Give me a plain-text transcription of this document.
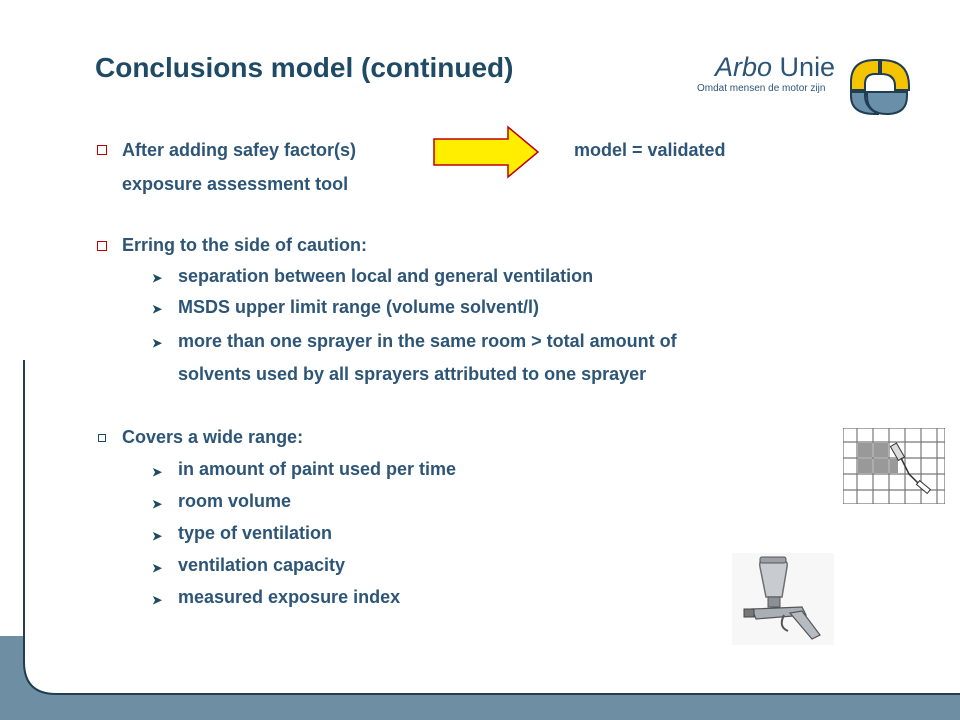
Conclusions model (continued)	Arbo Unie
Omdat mensen de motor zijn
After adding safey factor(s)	model = validated
exposure assessment tool
Erring to the side of caution:
➤ separation between local and general ventilation
➤ MSDS upper limit range (volume solvent/l)
➤ more than one sprayer in the same room > total amount of
solvents used by all sprayers attributed to one sprayer
Covers a wide range:
➤ in amount of paint used per time
➤ room volume
➤ type of ventilation
➤ ventilation capacity
➤ measured exposure index
